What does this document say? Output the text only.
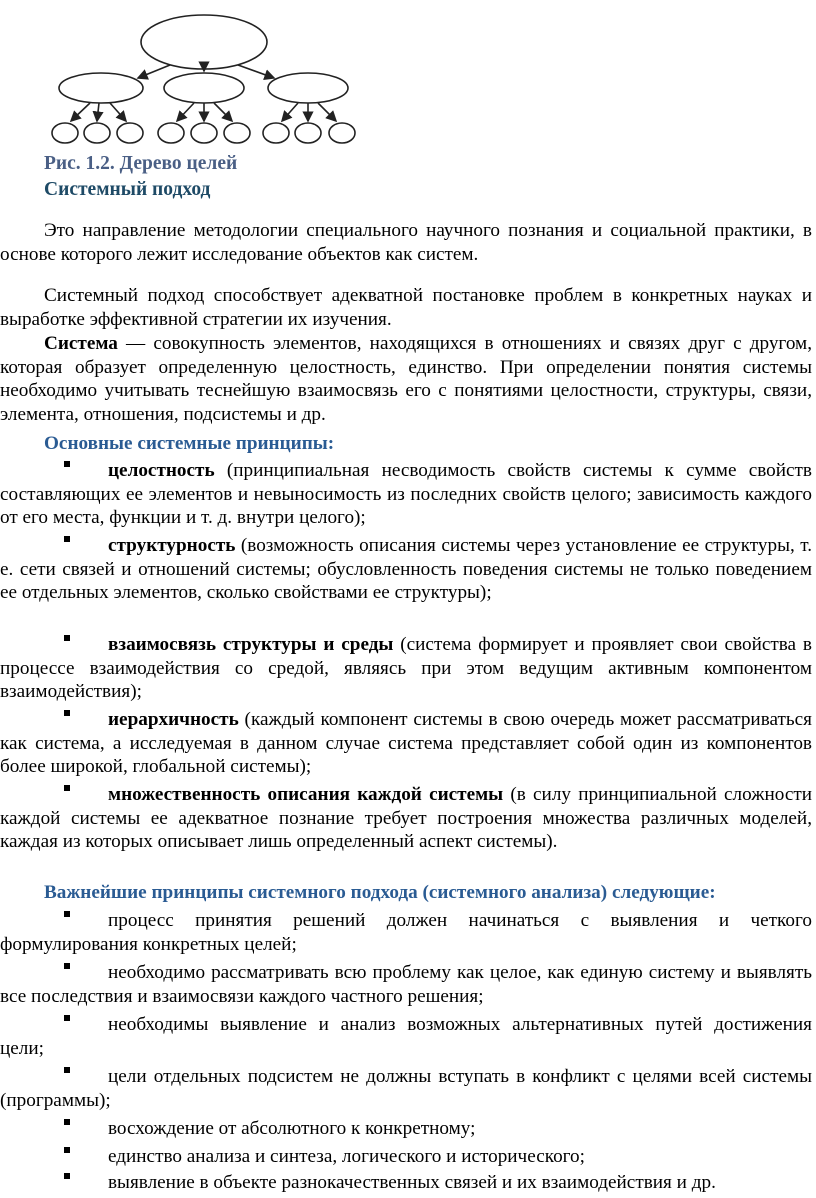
Рис. 1.2. Дерево целей
Системный подход
Это направление методологии специального научного познания и социальной практики, в основе которого лежит исследование объектов как систем.
Системный подход способствует адекватной постановке проблем в конкретных науках и выработке эффективной стратегии их изучения.
Система — совокупность элементов, находящихся в отношениях и связях друг с другом, которая образует определенную целостность, единство. При определении понятия системы необходимо учитывать теснейшую взаимосвязь его с понятиями целостности, структуры, связи, элемента, отношения, подсистемы и др.
Основные системные принципы:
целостность (принципиальная несводимость свойств системы к сумме свойств составляющих ее элементов и невыносимость из последних свойств целого; зависимость каждого от его места, функции и т. д. внутри целого);
структурность (возможность описания системы через установление ее структуры, т. е. сети связей и отношений системы; обусловленность поведения системы не только поведением ее отдельных элементов, сколько свойствами ее структуры);
взаимосвязь структуры и среды (система формирует и проявляет свои свойства в процессе взаимодействия со средой, являясь при этом ведущим активным компонентом взаимодействия);
иерархичность (каждый компонент системы в свою очередь может рассматриваться как система, а исследуемая в данном случае система представляет собой один из компонентов более широкой, глобальной системы);
множественность описания каждой системы (в силу принципиальной сложности каждой системы ее адекватное познание требует построения множества различных моделей, каждая из которых описывает лишь определенный аспект системы).
Важнейшие принципы системного подхода (системного анализа) следующие:
процесс принятия решений должен начинаться с выявления и четкого формулирования конкретных целей;
необходимо рассматривать всю проблему как целое, как единую систему и выявлять все последствия и взаимосвязи каждого частного решения;
необходимы выявление и анализ возможных альтернативных путей достижения цели;
цели отдельных подсистем не должны вступать в конфликт с целями всей системы (программы);
восхождение от абсолютного к конкретному;
единство анализа и синтеза, логического и исторического;
выявление в объекте разнокачественных связей и их взаимодействия и др.
